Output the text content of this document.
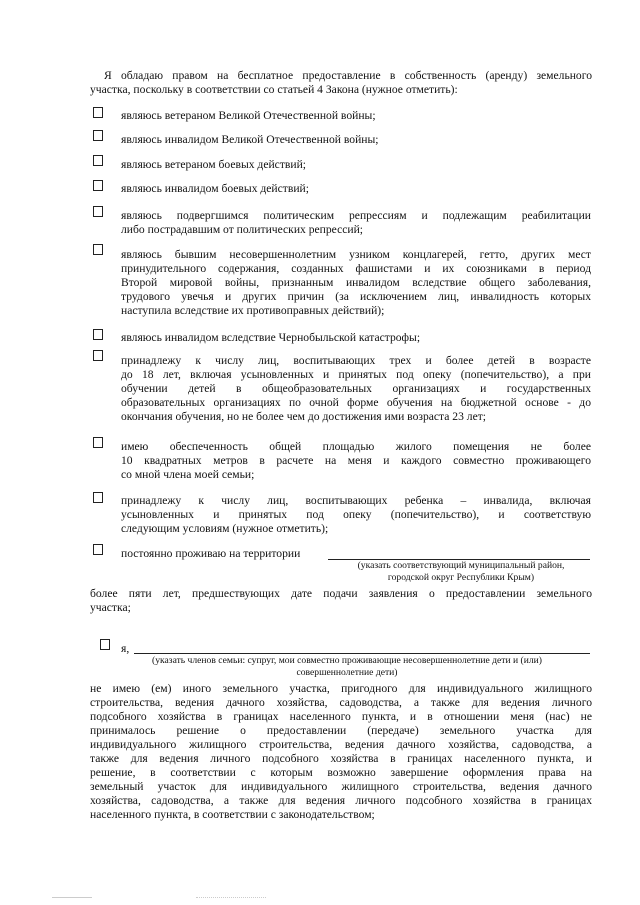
Я обладаю правом на бесплатное предоставление в собственность (аренду) земельного
участка, поскольку в соответствии со статьей 4 Закона (нужное отметить):
являюсь ветераном Великой Отечественной войны;
являюсь инвалидом Великой Отечественной войны;
являюсь ветераном боевых действий;
являюсь инвалидом боевых действий;
являюсь подвергшимся политическим репрессиям и подлежащим реабилитации
либо пострадавшим от политических репрессий;
являюсь бывшим несовершеннолетним узником концлагерей, гетто, других мест
принудительного содержания, созданных фашистами и их союзниками в период
Второй мировой войны, признанным инвалидом вследствие общего заболевания,
трудового увечья и других причин (за исключением лиц, инвалидность которых
наступила вследствие их противоправных действий);
являюсь инвалидом вследствие Чернобыльской катастрофы;
принадлежу к числу лиц, воспитывающих трех и более детей в возрасте
до 18 лет, включая усыновленных и принятых под опеку (попечительство), а при
обучении детей в общеобразовательных организациях и государственных
образовательных организациях по очной форме обучения на бюджетной основе - до
окончания обучения, но не более чем до достижения ими возраста 23 лет;
имею обеспеченность общей площадью жилого помещения не более
10 квадратных метров в расчете на меня и каждого совместно проживающего
со мной члена моей семьи;
принадлежу к числу лиц, воспитывающих ребенка – инвалида, включая
усыновленных и принятых под опеку (попечительство), и соответствую
следующим условиям (нужное отметить);
постоянно проживаю на территории
(указать соответствующий муниципальный район,
городской округ Республики Крым)
более пяти лет, предшествующих дате подачи заявления о предоставлении земельного
участка;
я,
(указать членов семьи: супруг, мои совместно проживающие несовершеннолетние дети и (или)
совершеннолетние дети)
не имею (ем) иного земельного участка, пригодного для индивидуального жилищного
строительства, ведения дачного хозяйства, садоводства, а также для ведения личного
подсобного хозяйства в границах населенного пункта, и в отношении меня (нас) не
принималось решение о предоставлении (передаче) земельного участка для
индивидуального жилищного строительства, ведения дачного хозяйства, садоводства, а
также для ведения личного подсобного хозяйства в границах населенного пункта, и
решение, в соответствии с которым возможно завершение оформления права на
земельный участок для индивидуального жилищного строительства, ведения дачного
хозяйства, садоводства, а также для ведения личного подсобного хозяйства в границах
населенного пункта, в соответствии с законодательством;
